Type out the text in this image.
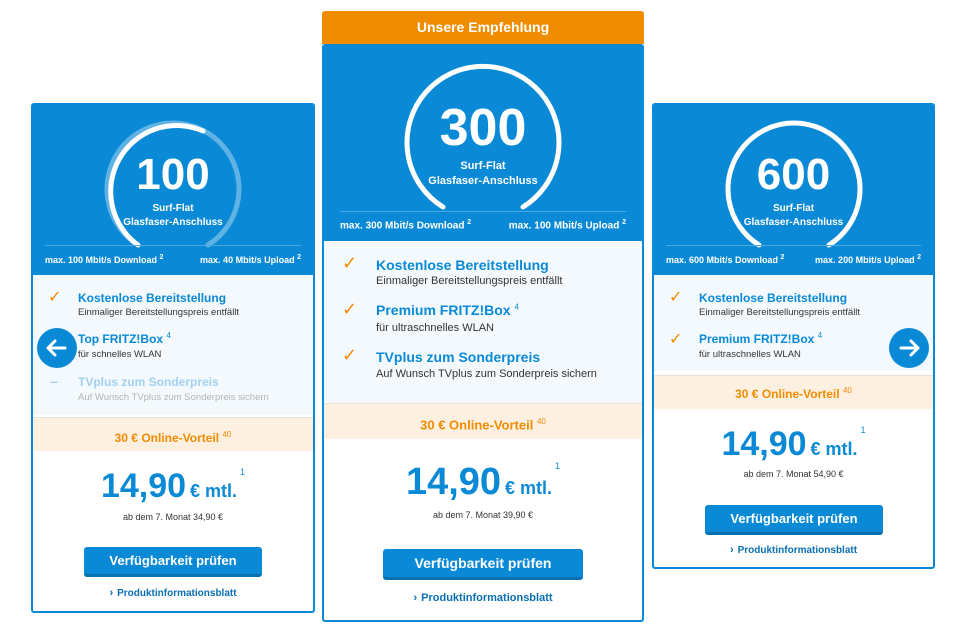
Unsere Empfehlung
100
Surf-Flat
Glasfaser-Anschluss
max. 100 Mbit/s Download $^2$	max. 40 Mbit/s Upload $^2$
✓ Kostenlose Bereitstellung
Einmaliger Bereitstellungspreis entfällt
Top FRITZ!Box $^4$
für schnelles WLAN
– TVplus zum Sonderpreis
Auf Wunsch TVplus zum Sonderpreis sichern
30 € Online-Vorteil $^{40}$
14,90 € mtl.$^1$
ab dem 7. Monat 34,90 €
Verfügbarkeit prüfen
› Produktinformationsblatt
300
Surf-Flat
Glasfaser-Anschluss
max. 300 Mbit/s Download $^2$	max. 100 Mbit/s Upload $^2$
✓ Kostenlose Bereitstellung
Einmaliger Bereitstellungspreis entfällt
✓ Premium FRITZ!Box $^4$
für ultraschnelles WLAN
✓ TVplus zum Sonderpreis
Auf Wunsch TVplus zum Sonderpreis sichern
30 € Online-Vorteil $^{40}$
14,90 € mtl.$^1$
ab dem 7. Monat 39,90 €
Verfügbarkeit prüfen
› Produktinformationsblatt
600
Surf-Flat
Glasfaser-Anschluss
max. 600 Mbit/s Download $^2$	max. 200 Mbit/s Upload $^2$
✓ Kostenlose Bereitstellung
Einmaliger Bereitstellungspreis entfällt
✓ Premium FRITZ!Box $^4$
für ultraschnelles WLAN
30 € Online-Vorteil $^{40}$
14,90 € mtl.$^1$
ab dem 7. Monat 54,90 €
Verfügbarkeit prüfen
› Produktinformationsblatt
